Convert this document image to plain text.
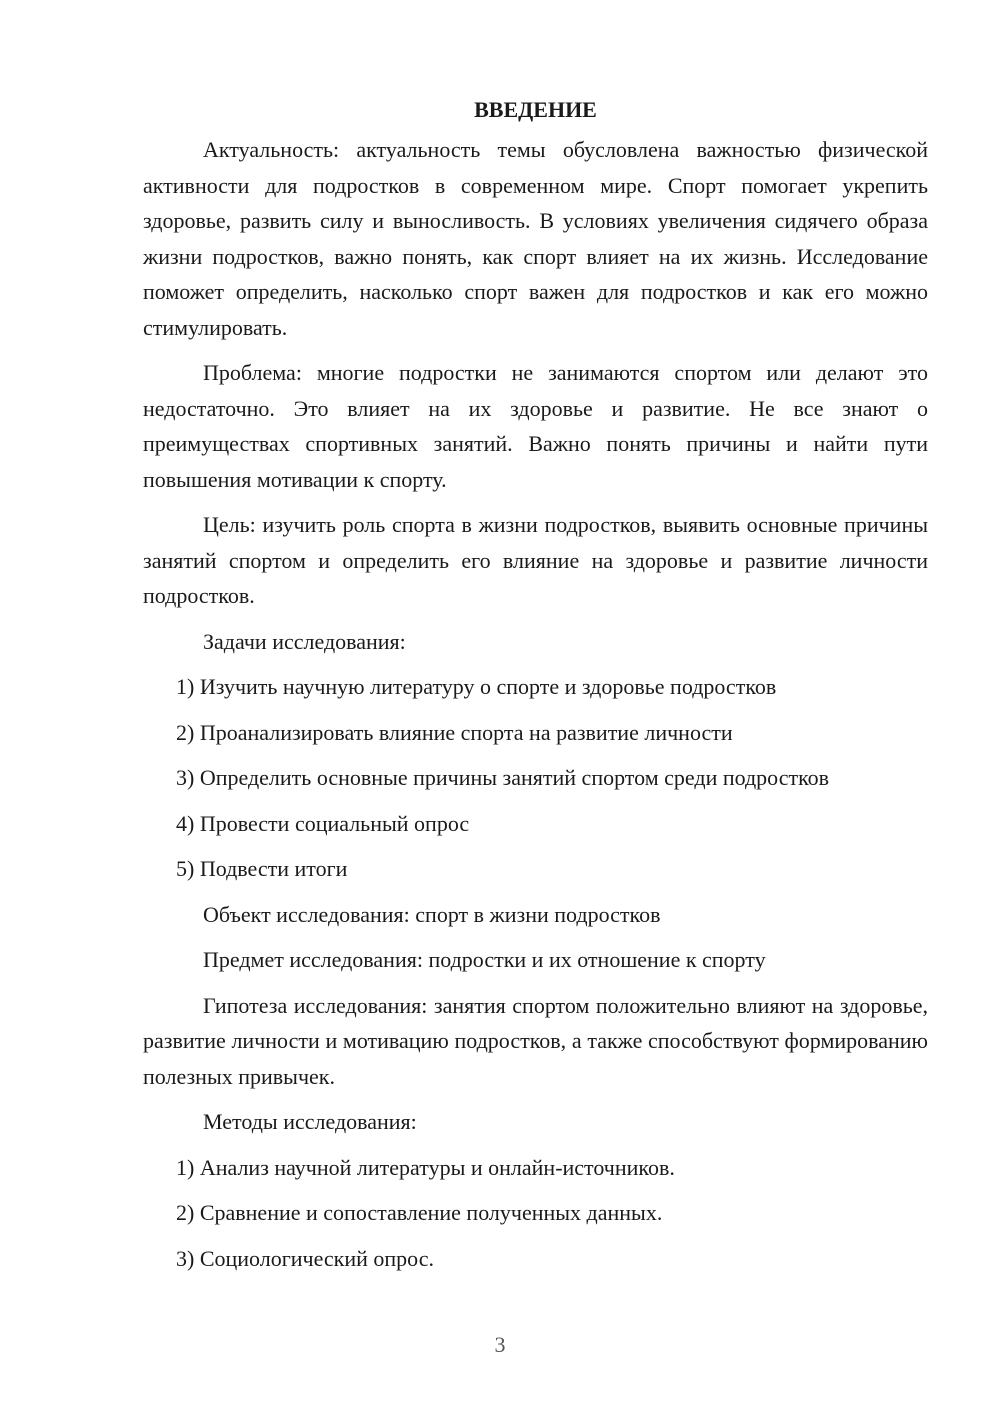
ВВЕДЕНИЕ

Актуальность: актуальность темы обусловлена важностью физической активности для подростков в современном мире. Спорт помогает укрепить здоровье, развить силу и выносливость. В условиях увеличения сидячего образа жизни подростков, важно понять, как спорт влияет на их жизнь. Исследование поможет определить, насколько спорт важен для подростков и как его можно стимулировать.

Проблема: многие подростки не занимаются спортом или делают это недостаточно. Это влияет на их здоровье и развитие. Не все знают о преимуществах спортивных занятий. Важно понять причины и найти пути повышения мотивации к спорту.

Цель: изучить роль спорта в жизни подростков, выявить основные причины занятий спортом и определить его влияние на здоровье и развитие личности подростков.

Задачи исследования:

1) Изучить научную литературу о спорте и здоровье подростков

2) Проанализировать влияние спорта на развитие личности

3) Определить основные причины занятий спортом среди подростков

4) Провести социальный опрос

5) Подвести итоги

Объект исследования: спорт в жизни подростков

Предмет исследования: подростки и их отношение к спорту

Гипотеза исследования: занятия спортом положительно влияют на здоровье, развитие личности и мотивацию подростков, а также способствуют формированию полезных привычек.

Методы исследования:

1) Анализ научной литературы и онлайн-источников.

2) Сравнение и сопоставление полученных данных.

3) Социологический опрос.

3
